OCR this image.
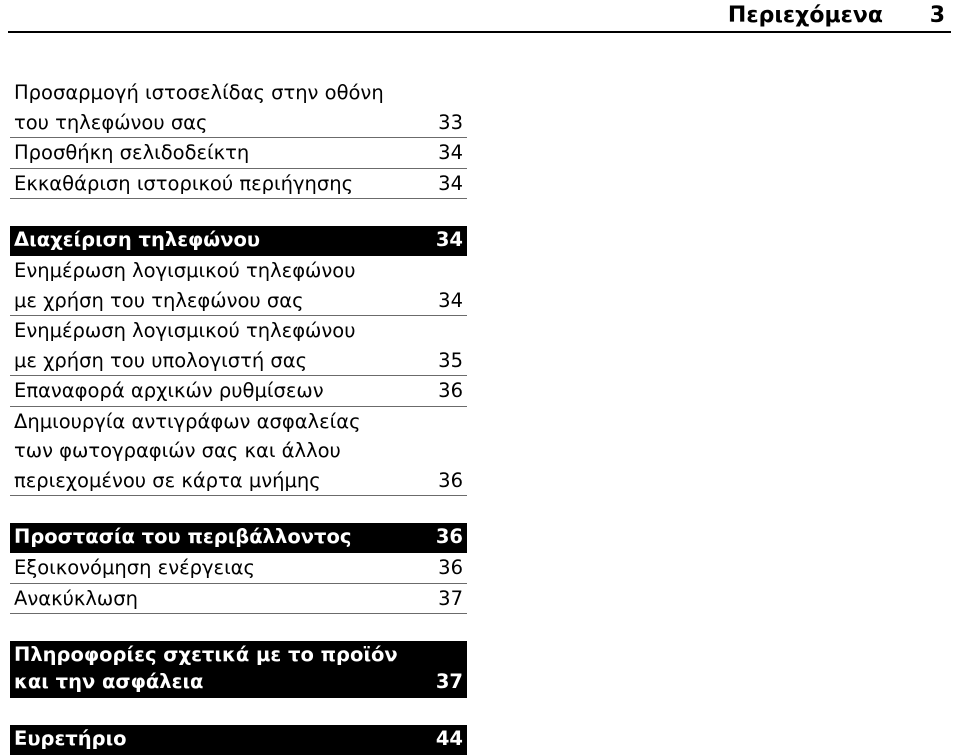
Περιεχόμενα 3
Προσαρμογή ιστοσελίδας στην οθόνη
του τηλεφώνου σας	33
Προσθήκη σελιδοδείκτη	34
Εκκαθάριση ιστορικού περιήγησης	34
Διαχείριση τηλεφώνου	34
Ενημέρωση λογισμικού τηλεφώνου
με χρήση του τηλεφώνου σας	34
Ενημέρωση λογισμικού τηλεφώνου
με χρήση του υπολογιστή σας	35
Επαναφορά αρχικών ρυθμίσεων	36
Δημιουργία αντιγράφων ασφαλείας
των φωτογραφιών σας και άλλου
περιεχομένου σε κάρτα μνήμης	36
Προστασία του περιβάλλοντος	36
Εξοικονόμηση ενέργειας	36
Ανακύκλωση	37
Πληροφορίες σχετικά με το προϊόν
και την ασφάλεια	37
Ευρετήριο	44
